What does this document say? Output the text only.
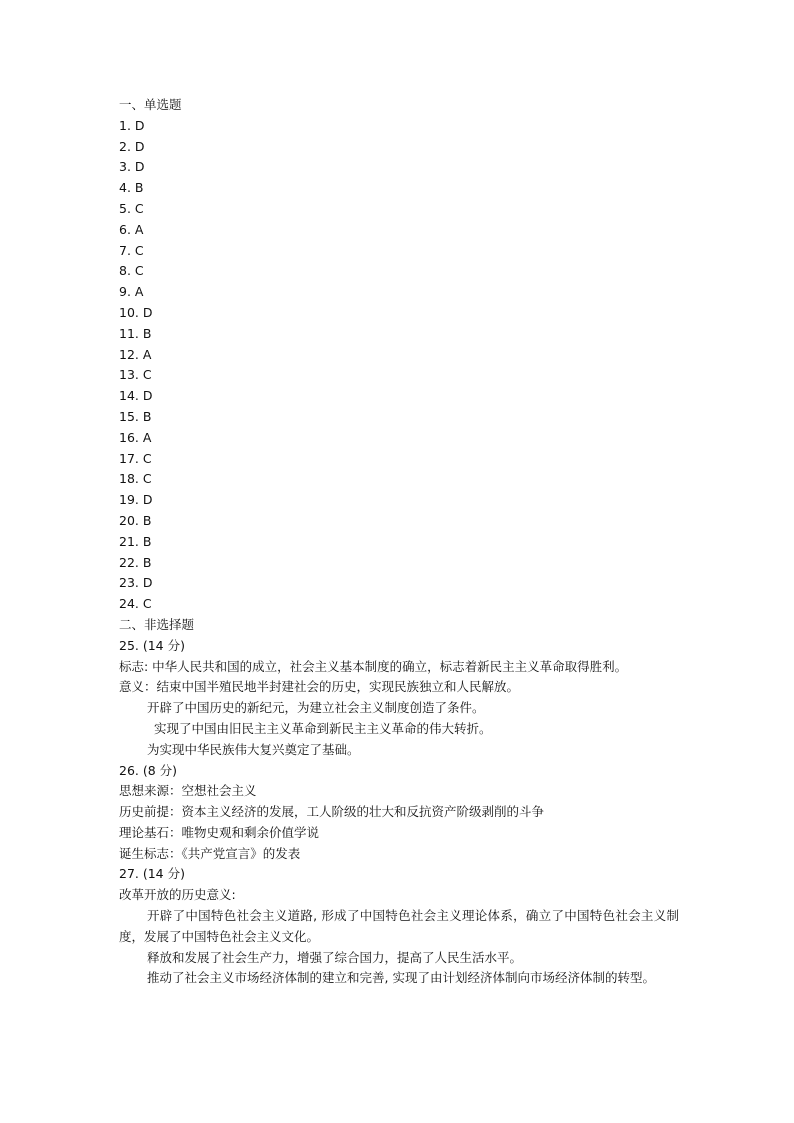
一、单选题
1. D
2. D
3. D
4. B
5. C
6. A
7. C
8. C
9. A
10. D
11. B
12. A
13. C
14. D
15. B
16. A
17. C
18. C
19. D
20. B
21. B
22. B
23. D
24. C
二、非选择题
25. (14 分)
标志: 中华人民共和国的成立，社会主义基本制度的确立，标志着新民主主义革命取得胜利。
意义：结束中国半殖民地半封建社会的历史，实现民族独立和人民解放。
开辟了中国历史的新纪元，为建立社会主义制度创造了条件。
实现了中国由旧民主主义革命到新民主主义革命的伟大转折。
为实现中华民族伟大复兴奠定了基础。
26. (8 分)
思想来源：空想社会主义
历史前提：资本主义经济的发展，工人阶级的壮大和反抗资产阶级剥削的斗争
理论基石：唯物史观和剩余价值学说
诞生标志：《共产党宣言》的发表
27. (14 分)
改革开放的历史意义:
开辟了中国特色社会主义道路, 形成了中国特色社会主义理论体系，确立了中国特色社会主义制度，发展了中国特色社会主义文化。
释放和发展了社会生产力，增强了综合国力，提高了人民生活水平。
推动了社会主义市场经济体制的建立和完善, 实现了由计划经济体制向市场经济体制的转型。
